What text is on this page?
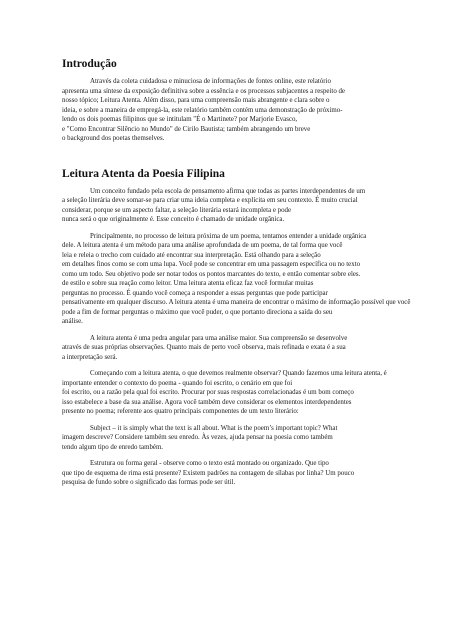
Introdução

Através da coleta cuidadosa e minuciosa de informações de fontes online, este relatório
apresenta uma síntese da exposição definitiva sobre a essência e os processos subjacentes a respeito de
nosso tópico; Leitura Atenta. Além disso, para uma compreensão mais abrangente e clara sobre o
ideia, e sobre a maneira de empregá-la, este relatório também contém uma demonstração de próximo-
lendo os dois poemas filipinos que se intitulam "É o Martinete? por Marjorie Evasco,
e "Como Encontrar Silêncio no Mundo" de Cirilo Bautista; também abrangendo um breve
o background dos poetas themselves.

Leitura Atenta da Poesia Filipina

Um conceito fundado pela escola de pensamento afirma que todas as partes interdependentes de um
a seleção literária deve somar-se para criar uma ideia completa e explícita em seu contexto. É muito crucial
considerar, porque se um aspecto faltar, a seleção literária estará incompleta e pode
nunca será o que originalmente é. Esse conceito é chamado de unidade orgânica.

Principalmente, no processo de leitura próxima de um poema, tentamos entender a unidade orgânica
dele. A leitura atenta é um método para uma análise aprofundada de um poema, de tal forma que você
leia e releia o trecho com cuidado até encontrar sua interpretação. Está olhando para a seleção
em detalhes finos como se com uma lupa. Você pode se concentrar em uma passagem específica ou no texto
como um todo. Seu objetivo pode ser notar todos os pontos marcantes do texto, e então comentar sobre eles.
de estilo e sobre sua reação como leitor. Uma leitura atenta eficaz faz você formular muitas
perguntas no processo. É quando você começa a responder a essas perguntas que pode participar
pensativamente em qualquer discurso. A leitura atenta é uma maneira de encontrar o máximo de informação possível que você
pode a fim de formar perguntas o máximo que você puder, o que portanto direciona a saída do seu
análise.

A leitura atenta é uma pedra angular para uma análise maior. Sua compreensão se desenvolve
através de suas próprias observações. Quanto mais de perto você observa, mais refinada e exata é a sua
a interpretação será.

Começando com a leitura atenta, o que devemos realmente observar? Quando fazemos uma leitura atenta, é
importante entender o contexto do poema - quando foi escrito, o cenário em que foi
foi escrito, ou a razão pela qual foi escrito. Procurar por suas respostas correlacionadas é um bom começo
isso estabelece a base da sua análise. Agora você também deve considerar os elementos interdependentes
presente no poema; referente aos quatro principais componentes de um texto literário:

Subject – it is simply what the text is all about. What is the poem’s important topic? What
imagem descreve? Considere também seu enredo. Às vezes, ajuda pensar na poesia como também
tendo algum tipo de enredo também.

Estrutura ou forma geral - observe como o texto está montado ou organizado. Que tipo
que tipo de esquema de rima está presente? Existem padrões na contagem de sílabas por linha? Um pouco
pesquisa de fundo sobre o significado das formas pode ser útil.
